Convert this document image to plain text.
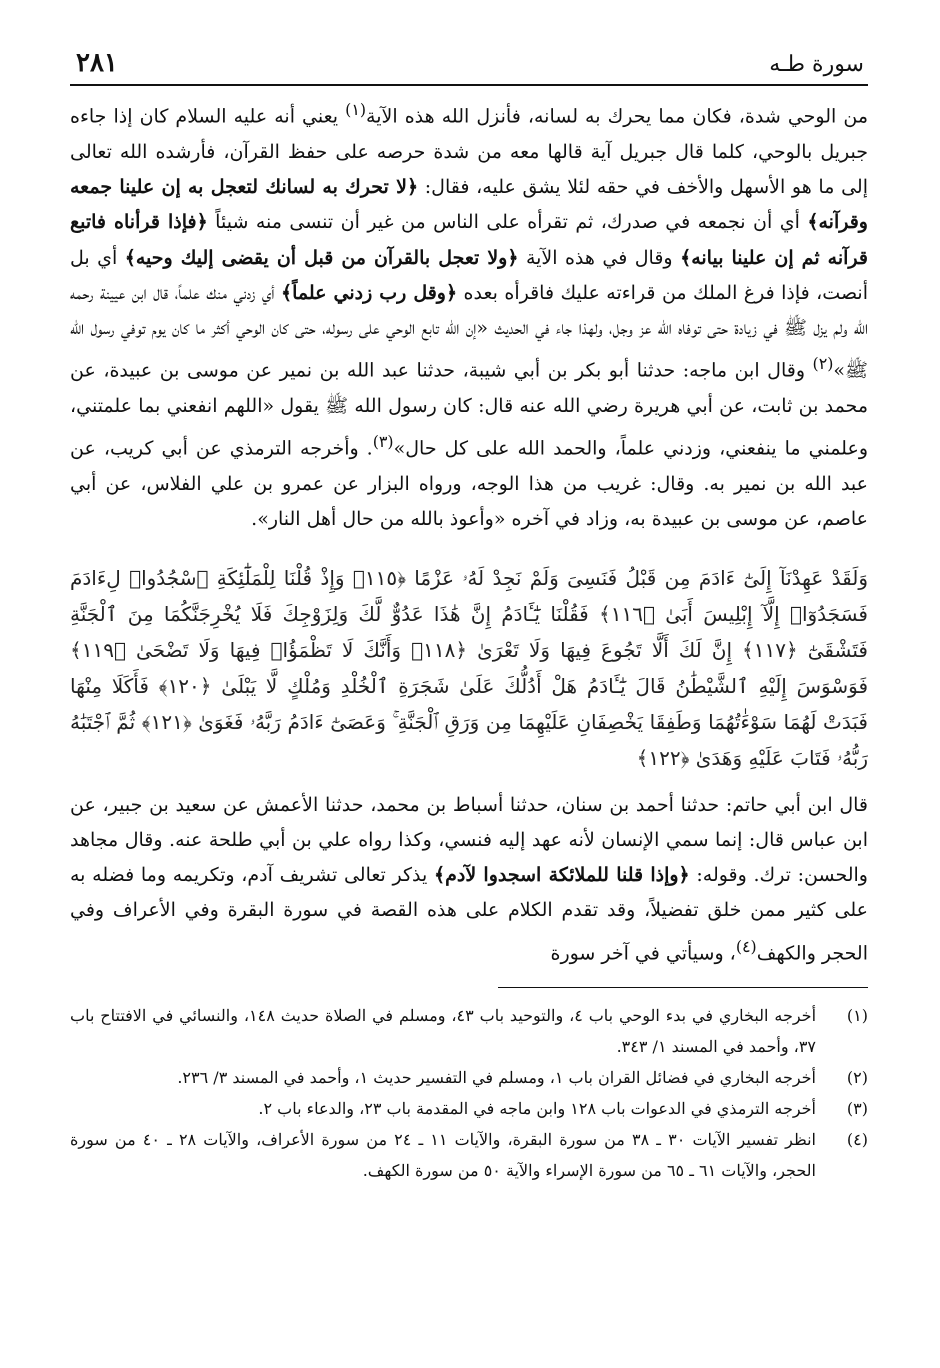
سورة طـه
٢٨١

من الوحي شدة، فكان مما يحرك به لسانه، فأنزل الله هذه الآية$^{(١)}$ يعني أنه عليه السلام كان إذا جاءه جبريل بالوحي، كلما قال جبريل آية قالها معه من شدة حرصه على حفظ القرآن، فأرشده الله تعالى إلى ما هو الأسهل والأخف في حقه لئلا يشق عليه، فقال: ﴿لا تحرك به لسانك لتعجل به إن علينا جمعه وقرآنه﴾ أي أن نجمعه في صدرك، ثم تقرأه على الناس من غير أن تنسى منه شيئاً ﴿فإذا قرأناه فاتبع قرآنه ثم إن علينا بيانه﴾ وقال في هذه الآية ﴿ولا تعجل بالقرآن من قبل أن يقضى إليك وحيه﴾ أي بل أنصت، فإذا فرغ الملك من قراءته عليك فاقرأه بعده ﴿وقل رب زدني علماً﴾ أي زدني منك علماً، قال ابن عيينة رحمه الله ولم يزل ﷺ في زيادة حتى توفاه الله عز وجل، ولهذا جاء في الحديث «إن الله تابع الوحي على رسوله، حتى كان الوحي أكثر ما كان يوم توفي رسول الله ﷺ»$^{(٢)}$ وقال ابن ماجه: حدثنا أبو بكر بن أبي شيبة، حدثنا عبد الله بن نمير عن موسى بن عبيدة، عن محمد بن ثابت، عن أبي هريرة رضي الله عنه قال: كان رسول الله ﷺ يقول «اللهم انفعني بما علمتني، وعلمني ما ينفعني، وزدني علماً، والحمد الله على كل حال»$^{(٣)}$. وأخرجه الترمذي عن أبي كريب، عن عبد الله بن نمير به. وقال: غريب من هذا الوجه، ورواه البزار عن عمرو بن علي الفلاس، عن أبي عاصم، عن موسى بن عبيدة به، وزاد في آخره «وأعوذ بالله من حال أهل النار».

وَلَقَدْ عَهِدْنَآ إِلَىٰٓ ءَادَمَ مِن قَبْلُ فَنَسِىَ وَلَمْ نَجِدْ لَهُۥ عَزْمًا ﴿١١٥﴾ وَإِذْ قُلْنَا لِلْمَلَٰٓئِكَةِ ٱسْجُدُوا۟ لِءَادَمَ فَسَجَدُوٓا۟ إِلَّآ إِبْلِيسَ أَبَىٰ ﴿١١٦﴾ فَقُلْنَا يَٰٓـَٔادَمُ إِنَّ هَٰذَا عَدُوٌّ لَّكَ وَلِزَوْجِكَ فَلَا يُخْرِجَنَّكُمَا مِنَ ٱلْجَنَّةِ فَتَشْقَىٰٓ ﴿١١٧﴾ إِنَّ لَكَ أَلَّا تَجُوعَ فِيهَا وَلَا تَعْرَىٰ ﴿١١٨﴾ وَأَنَّكَ لَا تَظْمَؤُا۟ فِيهَا وَلَا تَضْحَىٰ ﴿١١٩﴾ فَوَسْوَسَ إِلَيْهِ ٱلشَّيْطَٰنُ قَالَ يَٰٓـَٔادَمُ هَلْ أَدُلُّكَ عَلَىٰ شَجَرَةِ ٱلْخُلْدِ وَمُلْكٍ لَّا يَبْلَىٰ ﴿١٢٠﴾ فَأَكَلَا مِنْهَا فَبَدَتْ لَهُمَا سَوْءَٰتُهُمَا وَطَفِقَا يَخْصِفَانِ عَلَيْهِمَا مِن وَرَقِ ٱلْجَنَّةِ ۚ وَعَصَىٰٓ ءَادَمُ رَبَّهُۥ فَغَوَىٰ ﴿١٢١﴾ ثُمَّ ٱجْتَبَٰهُ رَبُّهُۥ فَتَابَ عَلَيْهِ وَهَدَىٰ ﴿١٢٢﴾

قال ابن أبي حاتم: حدثنا أحمد بن سنان، حدثنا أسباط بن محمد، حدثنا الأعمش عن سعيد بن جبير، عن ابن عباس قال: إنما سمي الإنسان لأنه عهد إليه فنسي، وكذا رواه علي بن أبي طلحة عنه. وقال مجاهد والحسن: ترك. وقوله: ﴿وإذا قلنا للملائكة اسجدوا لآدم﴾ يذكر تعالى تشريف آدم، وتكريمه وما فضله به على كثير ممن خلق تفضيلاً، وقد تقدم الكلام على هذه القصة في سورة البقرة وفي الأعراف وفي الحجر والكهف$^{(٤)}$، وسيأتي في آخر سورة

(١)
أخرجه البخاري في بدء الوحي باب ٤، والتوحيد باب ٤٣، ومسلم في الصلاة حديث ١٤٨، والنسائي في الافتتاح باب ٣٧، وأحمد في المسند ١/ ٣٤٣.
(٢)
أخرجه البخاري في فضائل القران باب ١، ومسلم في التفسير حديث ١، وأحمد في المسند ٣/ ٢٣٦.
(٣)
أخرجه الترمذي في الدعوات باب ١٢٨ وابن ماجه في المقدمة باب ٢٣، والدعاء باب ٢.
(٤)
انظر تفسير الآيات ٣٠ ـ ٣٨ من سورة البقرة، والآيات ١١ ـ ٢٤ من سورة الأعراف، والآيات ٢٨ ـ ٤٠ من سورة الحجر، والآيات ٦١ ـ ٦٥ من سورة الإسراء والآية ٥٠ من سورة الكهف.
